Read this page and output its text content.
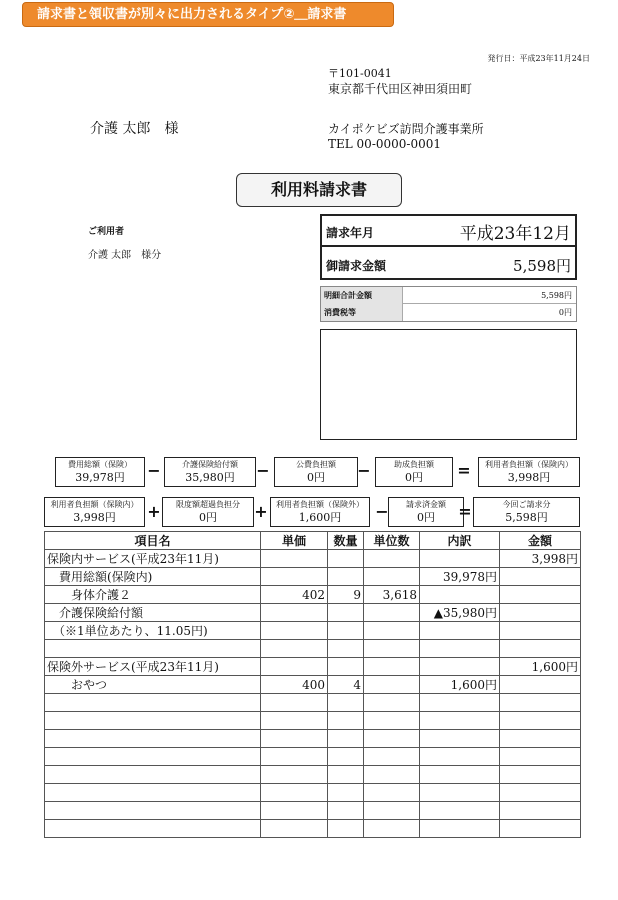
請求書と領収書が別々に出力されるタイプ②＿請求書
発行日：平成23年11月24日
〒101-0041
東京都千代田区神田須田町
介護 太郎　様	カイポケビズ訪問介護事業所
TEL 00-0000-0001
利用料請求書
ご利用者
介護 太郎　様分
請求年月	平成23年12月
御請求金額	5,598円
明細合計金額	5,598円
消費税等	0円
費用総額（保険）
39,978円
介護保険給付額
35,980円
公費負担額
0円
助成負担額
0円
利用者負担額（保険内）
3,998円
−	−	−	=
利用者負担額（保険内）
3,998円
限度額超過負担分
0円
利用者負担額（保険外）
1,600円
請求済金額
0円
今回ご請求分
5,598円
+	+	−	=
項目名	単価	数量	単位数	内訳	金額
保険内サービス(平成23年11月)					3,998円
　費用総額(保険内)				39,978円	
　　身体介護２	402	9	3,618		
　介護保険給付額				▲35,980円	
　（※1単位あたり、11.05円)					

保険外サービス(平成23年11月)					1,600円
　　おやつ	400	4		1,600円	
